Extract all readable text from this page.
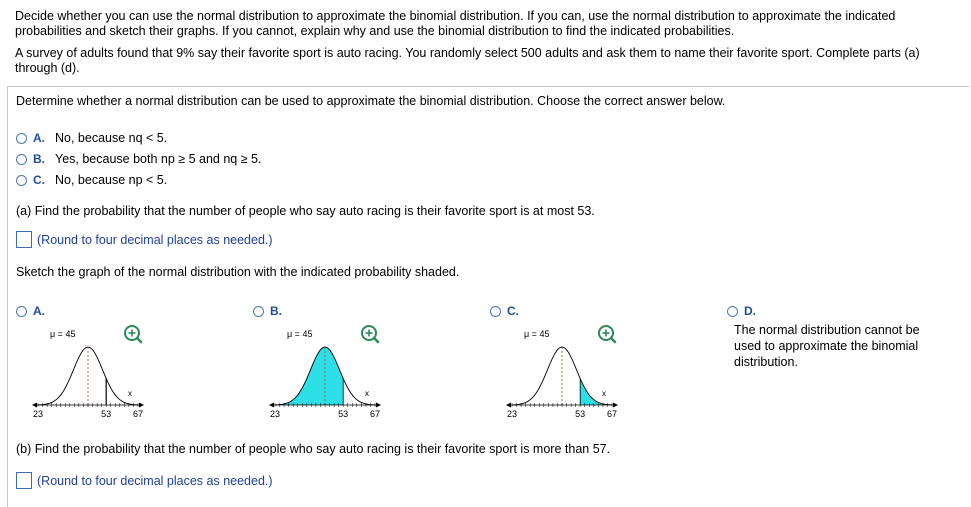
Decide whether you can use the normal distribution to approximate the binomial distribution. If you can, use the normal distribution to approximate the indicated probabilities and sketch their graphs. If you cannot, explain why and use the binomial distribution to find the indicated probabilities.
A survey of adults found that 9% say their favorite sport is auto racing. You randomly select 500 adults and ask them to name their favorite sport. Complete parts (a) through (d).
Determine whether a normal distribution can be used to approximate the binomial distribution. Choose the correct answer below.
A. No, because nq < 5.
B. Yes, because both np ≥ 5 and nq ≥ 5.
C. No, because np < 5.
(a) Find the probability that the number of people who say auto racing is their favorite sport is at most 53.
(Round to four decimal places as needed.)
Sketch the graph of the normal distribution with the indicated probability shaded.
A.	B.	C.	D.
The normal distribution cannot be used to approximate the binomial distribution.
μ = 45
x
23	53 67
μ = 45
x
23	53 67
μ = 45
x
23	53 67
(b) Find the probability that the number of people who say auto racing is their favorite sport is more than 57.
(Round to four decimal places as needed.)
